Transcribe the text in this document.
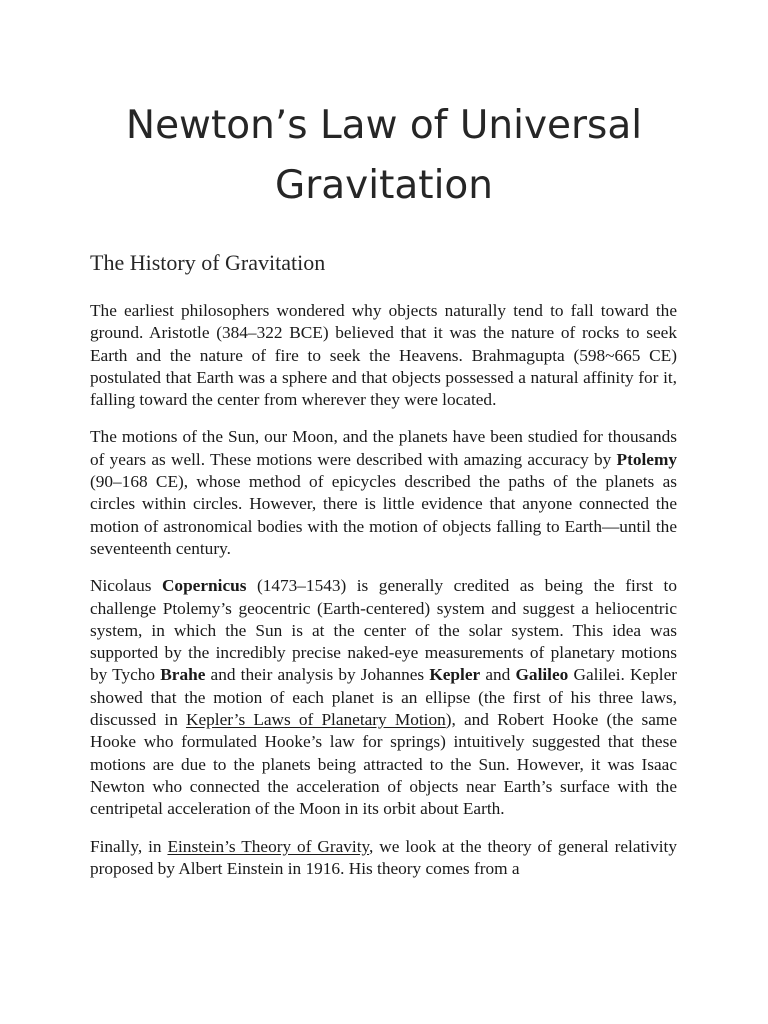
Newton’s Law of Universal Gravitation
The History of Gravitation

The earliest philosophers wondered why objects naturally tend to fall toward the ground. Aristotle (384–322 BCE) believed that it was the nature of rocks to seek Earth and the nature of fire to seek the Heavens. Brahmagupta (598~665 CE) postulated that Earth was a sphere and that objects possessed a natural affinity for it, falling toward the center from wherever they were located.

The motions of the Sun, our Moon, and the planets have been studied for thousands of years as well. These motions were described with amazing accuracy by Ptolemy (90–168 CE), whose method of epicycles described the paths of the planets as circles within circles. However, there is little evidence that anyone connected the motion of astronomical bodies with the motion of objects falling to Earth—until the seventeenth century.

Nicolaus Copernicus (1473–1543) is generally credited as being the first to challenge Ptolemy’s geocentric (Earth-centered) system and suggest a heliocentric system, in which the Sun is at the center of the solar system. This idea was supported by the incredibly precise naked-eye measurements of planetary motions by Tycho Brahe and their analysis by Johannes Kepler and Galileo Galilei. Kepler showed that the motion of each planet is an ellipse (the first of his three laws, discussed in Kepler’s Laws of Planetary Motion), and Robert Hooke (the same Hooke who formulated Hooke’s law for springs) intuitively suggested that these motions are due to the planets being attracted to the Sun. However, it was Isaac Newton who connected the acceleration of objects near Earth’s surface with the centripetal acceleration of the Moon in its orbit about Earth.

Finally, in Einstein’s Theory of Gravity, we look at the theory of general relativity proposed by Albert Einstein in 1916. His theory comes from a
